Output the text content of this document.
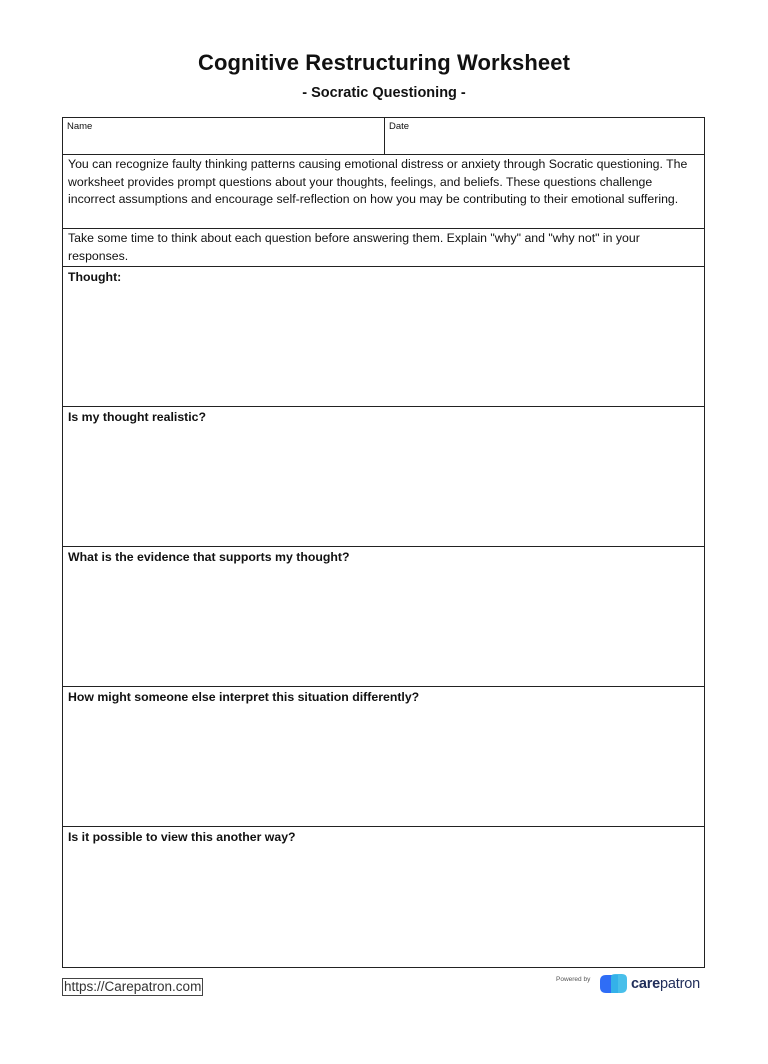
Cognitive Restructuring Worksheet
- Socratic Questioning -
Name	Date
You can recognize faulty thinking patterns causing emotional distress or anxiety through Socratic questioning. The worksheet provides prompt questions about your thoughts, feelings, and beliefs. These questions challenge incorrect assumptions and encourage self-reflection on how you may be contributing to their emotional suffering.
Take some time to think about each question before answering them. Explain "why" and "why not" in your responses.
Thought:
Is my thought realistic?
What is the evidence that supports my thought?
How might someone else interpret this situation differently?
Is it possible to view this another way?
https://Carepatron.com	Powered by	carepatron
